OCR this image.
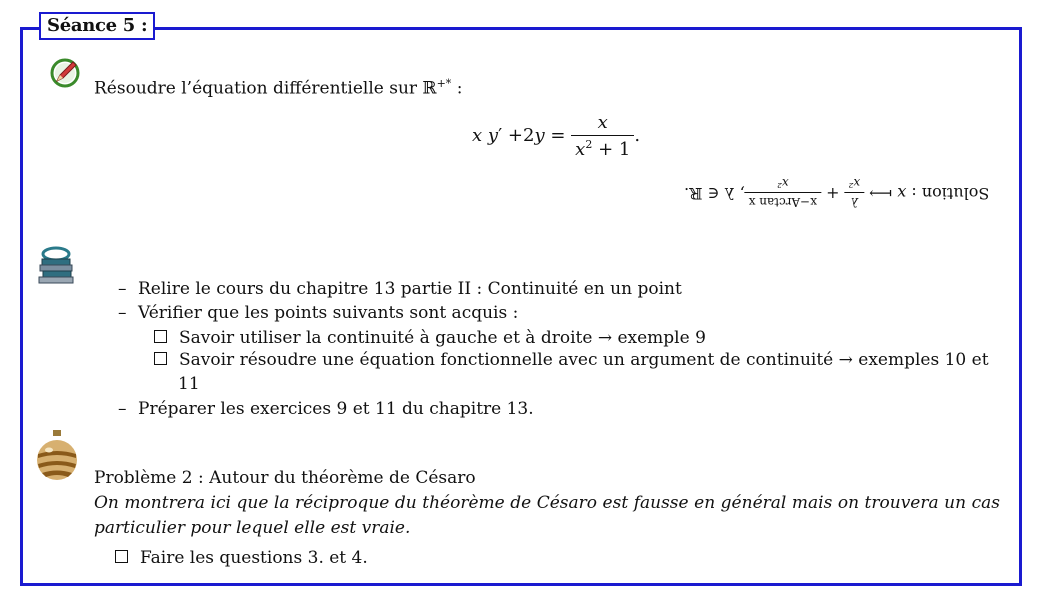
Séance 5 :
Résoudre l’équation différentielle sur ℝ+* :
x $y' +2y = \frac{x}{x^2 + 1}$ .
Solution : x ⟼
λ
x²
+
x−Arctan x
x²
, λ ∈ ℝ.
– Relire le cours du chapitre 13 partie II : Continuité en un point
– Vérifier que les points suivants sont acquis :
Savoir utiliser la continuité à gauche et à droite → exemple 9
Savoir résoudre une équation fonctionnelle avec un argument de continuité → exemples 10 et
11
– Préparer les exercices 9 et 11 du chapitre 13.
Problème 2 : Autour du théorème de Césaro
On montrera ici que la réciproque du théorème de Césaro est fausse en général mais on trouvera un cas particulier pour lequel elle est vraie.
Faire les questions 3. et 4.
